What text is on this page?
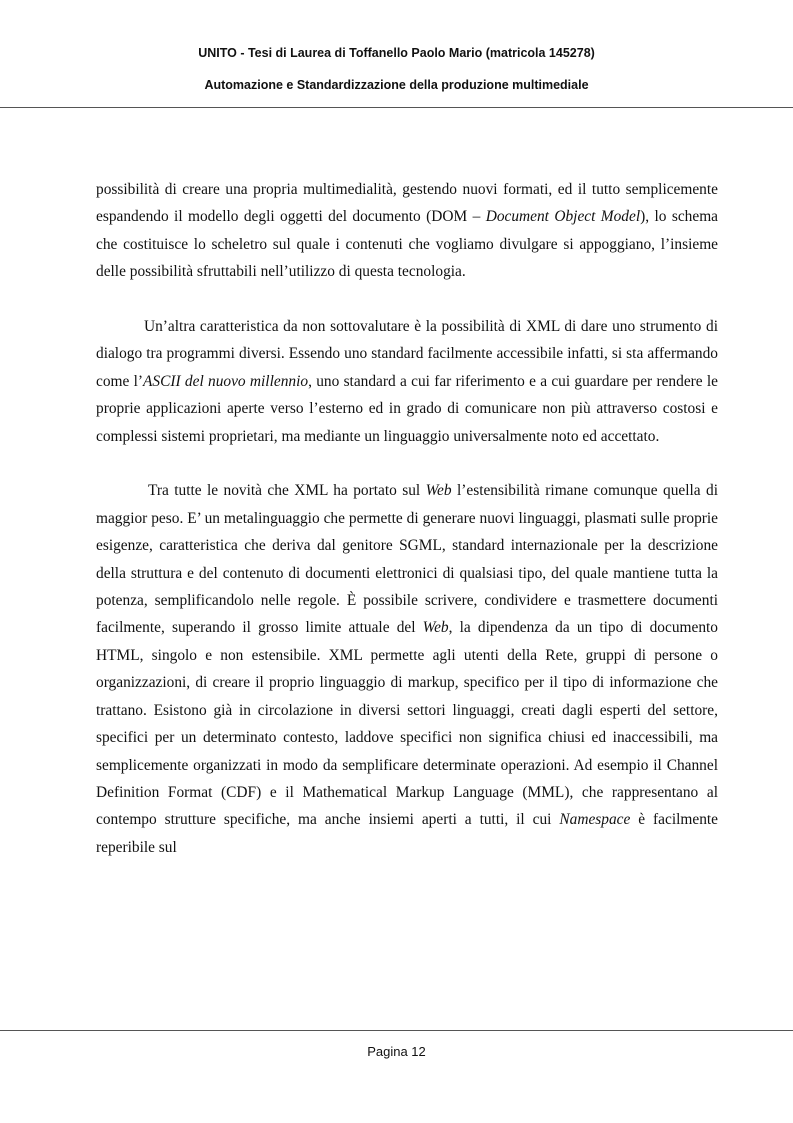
UNITO - Tesi di Laurea di Toffanello Paolo Mario (matricola 145278)
Automazione e Standardizzazione della produzione multimediale

possibilità di creare una propria multimedialità, gestendo nuovi formati, ed il tutto semplicemente espandendo il modello degli oggetti del documento (DOM – Document Object Model), lo schema che costituisce lo scheletro sul quale i contenuti che vogliamo divulgare si appoggiano, l’insieme delle possibilità sfruttabili nell’utilizzo di questa tecnologia.

Un’altra caratteristica da non sottovalutare è la possibilità di XML di dare uno strumento di dialogo tra programmi diversi. Essendo uno standard facilmente accessibile infatti, si sta affermando come l’ASCII del nuovo millennio, uno standard a cui far riferimento e a cui guardare per rendere le proprie applicazioni aperte verso l’esterno ed in grado di comunicare non più attraverso costosi e complessi sistemi proprietari, ma mediante un linguaggio universalmente noto ed accettato.

Tra tutte le novità che XML ha portato sul Web l’estensibilità rimane comunque quella di maggior peso. E’ un metalinguaggio che permette di generare nuovi linguaggi, plasmati sulle proprie esigenze, caratteristica che deriva dal genitore SGML, standard internazionale per la descrizione della struttura e del contenuto di documenti elettronici di qualsiasi tipo, del quale mantiene tutta la potenza, semplificandolo nelle regole. È possibile scrivere, condividere e trasmettere documenti facilmente, superando il grosso limite attuale del Web, la dipendenza da un tipo di documento HTML, singolo e non estensibile. XML permette agli utenti della Rete, gruppi di persone o organizzazioni, di creare il proprio linguaggio di markup, specifico per il tipo di informazione che trattano. Esistono già in circolazione in diversi settori linguaggi, creati dagli esperti del settore, specifici per un determinato contesto, laddove specifici non significa chiusi ed inaccessibili, ma semplicemente organizzati in modo da semplificare determinate operazioni. Ad esempio il Channel Definition Format (CDF) e il Mathematical Markup Language (MML), che rappresentano al contempo strutture specifiche, ma anche insiemi aperti a tutti, il cui Namespace è facilmente reperibile sul

Pagina 12
